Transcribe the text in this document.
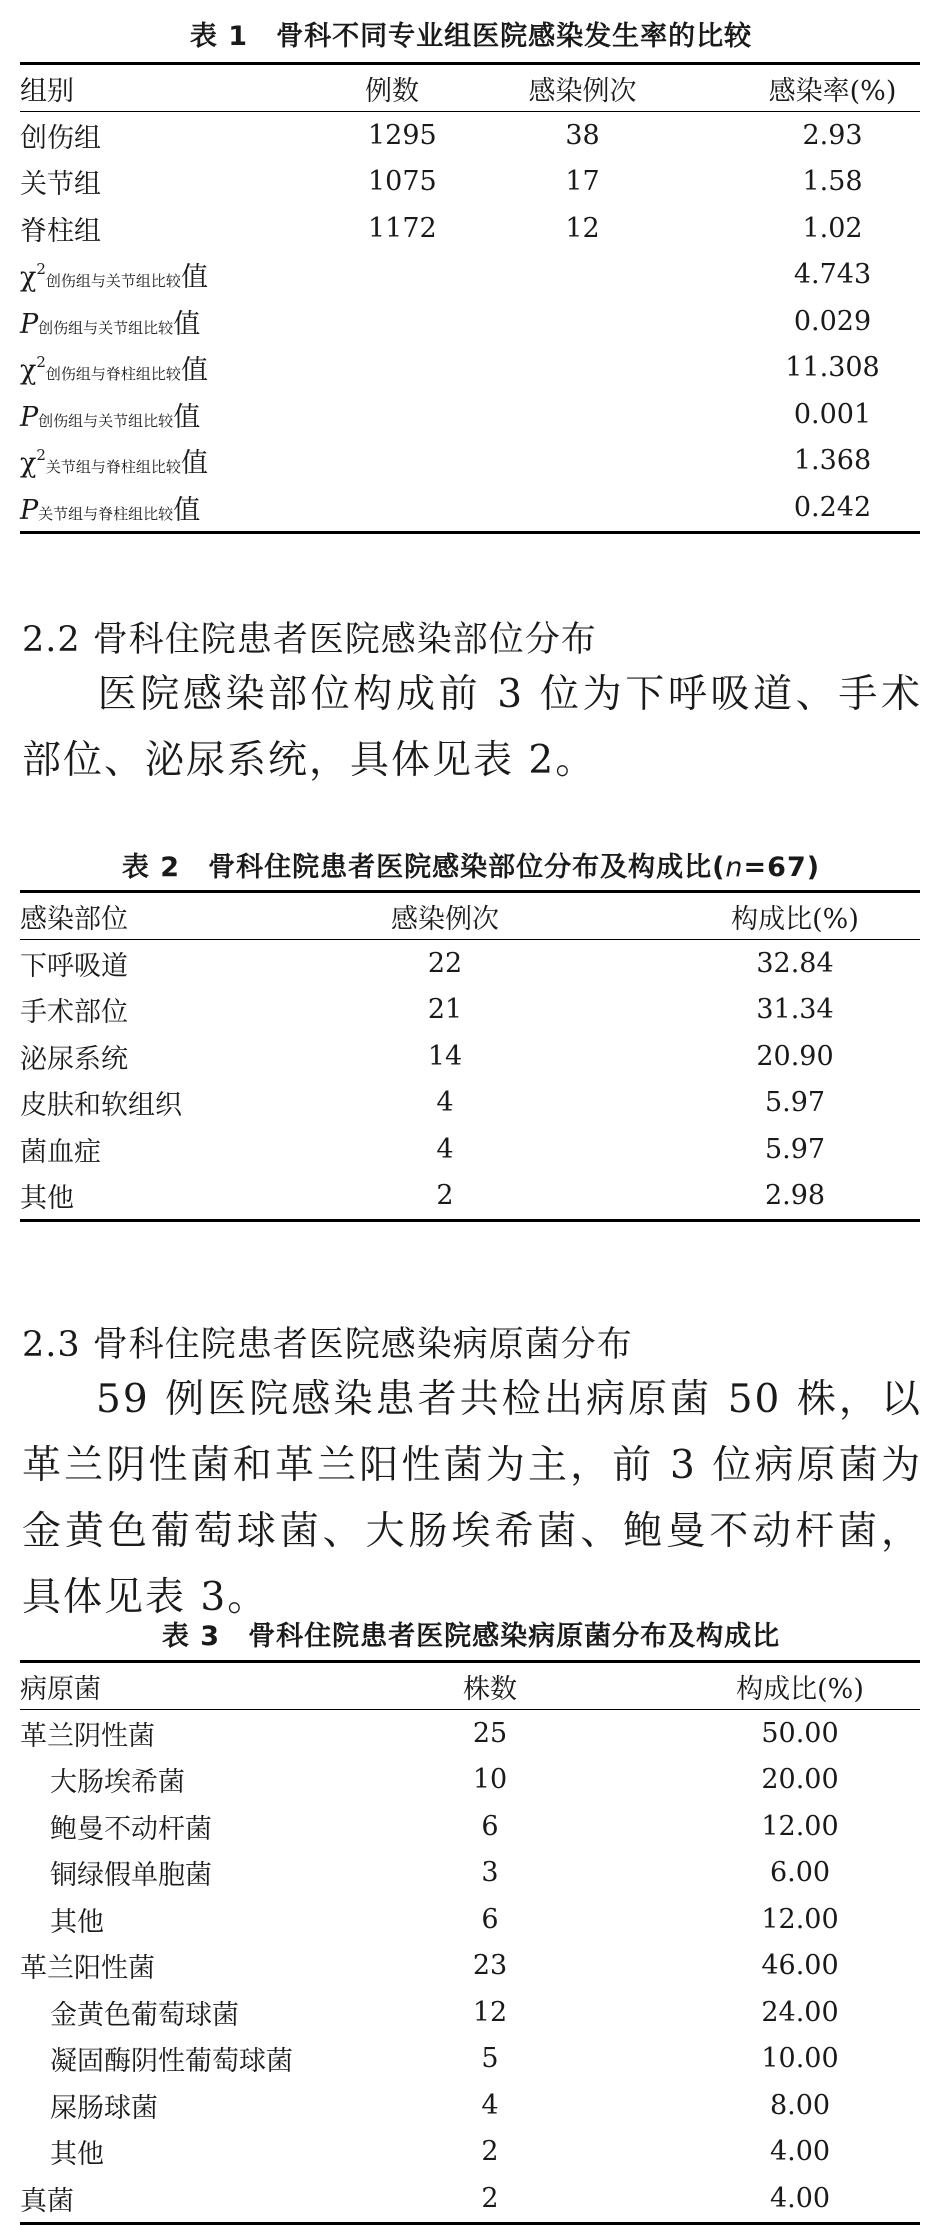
表 1　骨科不同专业组医院感染发生率的比较
组别	例数	感染例次	感染率(%)
创伤组	1295	38	2.93
关节组	1075	17	1.58
脊柱组	1172	12	1.02
$\chi^2$创伤组与关节组比较值			4.743
P创伤组与关节组比较值			0.029
$\chi^2$创伤组与脊柱组比较值			11.308
P创伤组与关节组比较值			0.001
$\chi^2$关节组与脊柱组比较值			1.368
P关节组与脊柱组比较值			0.242
2.2 骨科住院患者医院感染部位分布
医院感染部位构成前 3 位为下呼吸道、手术部位、泌尿系统，具体见表 2。
表 2　骨科住院患者医院感染部位分布及构成比(n=67)
感染部位	感染例次	构成比(%)
下呼吸道	22	32.84
手术部位	21	31.34
泌尿系统	14	20.90
皮肤和软组织	4	5.97
菌血症	4	5.97
其他	2	2.98
2.3 骨科住院患者医院感染病原菌分布
59 例医院感染患者共检出病原菌 50 株，以革兰阴性菌和革兰阳性菌为主，前 3 位病原菌为金黄色葡萄球菌、大肠埃希菌、鲍曼不动杆菌，具体见表 3。
表 3　骨科住院患者医院感染病原菌分布及构成比
病原菌	株数	构成比(%)
革兰阴性菌	25	50.00
大肠埃希菌	10	20.00
鲍曼不动杆菌	6	12.00
铜绿假单胞菌	3	6.00
其他	6	12.00
革兰阳性菌	23	46.00
金黄色葡萄球菌	12	24.00
凝固酶阴性葡萄球菌	5	10.00
屎肠球菌	4	8.00
其他	2	4.00
真菌	2	4.00
